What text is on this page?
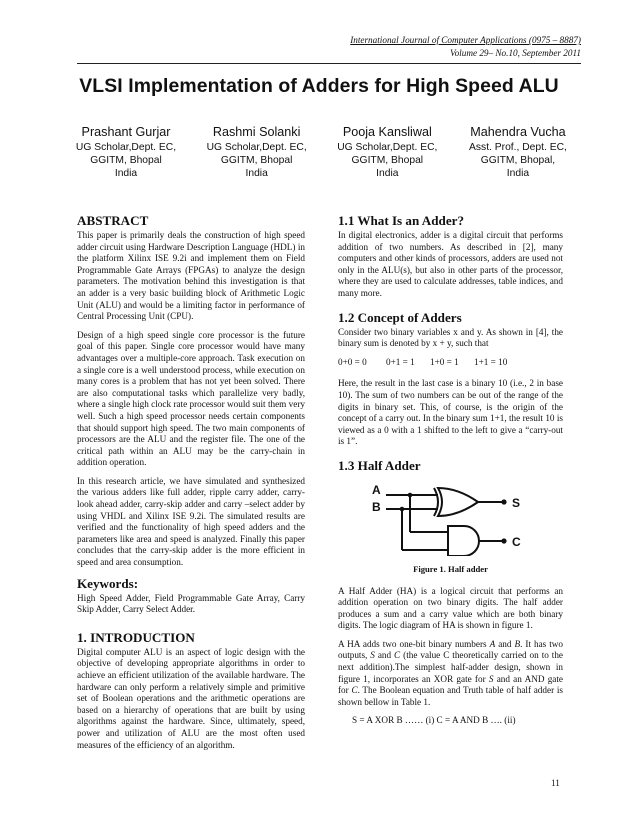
International Journal of Computer Applications (0975 – 8887)
Volume 29– No.10, September 2011
VLSI Implementation of Adders for High Speed ALU
Prashant Gurjar
UG Scholar,Dept. EC,
GGITM, Bhopal
India
Rashmi Solanki
UG Scholar,Dept. EC,
GGITM, Bhopal
India
Pooja Kansliwal
UG Scholar,Dept. EC,
GGITM, Bhopal
India
Mahendra Vucha
Asst. Prof., Dept. EC,
GGITM, Bhopal,
India
ABSTRACT

This paper is primarily deals the construction of high speed adder circuit using Hardware Description Language (HDL) in the platform Xilinx ISE 9.2i and implement them on Field Programmable Gate Arrays (FPGAs) to analyze the design parameters. The motivation behind this investigation is that an adder is a very basic building block of Arithmetic Logic Unit (ALU) and would be a limiting factor in performance of Central Processing Unit (CPU).

Design of a high speed single core processor is the future goal of this paper. Single core processor would have many advantages over a multiple-core approach. Task execution on a single core is a well understood process, while execution on many cores is a problem that has not yet been solved. There are also computational tasks which parallelize very badly, where a single high clock rate processor would suit them very well. Such a high speed processor needs certain components that should support high speed. The two main components of processors are the ALU and the register file. The one of the critical path within an ALU may be the carry-chain in addition operation.

In this research article, we have simulated and synthesized the various adders like full adder, ripple carry adder, carry-look ahead adder, carry-skip adder and carry –select adder by using VHDL and Xilinx ISE 9.2i. The simulated results are verified and the functionality of high speed adders and the parameters like area and speed is analyzed. Finally this paper concludes that the carry-skip adder is the more efficient in speed and area consumption.

Keywords:

High Speed Adder, Field Programmable Gate Array, Carry Skip Adder, Carry Select Adder.

1. INTRODUCTION

Digital computer ALU is an aspect of logic design with the objective of developing appropriate algorithms in order to achieve an efficient utilization of the available hardware. The hardware can only perform a relatively simple and primitive set of Boolean operations and the arithmetic operations are based on a hierarchy of operations that are built by using algorithms against the hardware. Since, ultimately, speed, power and utilization of ALU are the most often used measures of the efficiency of an algorithm.

1.1 What Is an Adder?

In digital electronics, adder is a digital circuit that performs addition of two numbers. As described in [2], many computers and other kinds of processors, adders are used not only in the ALU(s), but also in other parts of the processor, where they are used to calculate addresses, table indices, and many more.

1.2 Concept of Adders

Consider two binary variables x and y. As shown in [4], the binary sum is denoted by x + y, such that

0+0 = 0	0+1 = 1	1+0 = 1	1+1 = 10

Here, the result in the last case is a binary 10 (i.e., 2 in base 10). The sum of two numbers can be out of the range of the digits in binary set. This, of course, is the origin of the concept of a carry out. In the binary sum 1+1, the result 10 is viewed as a 0 with a 1 shifted to the left to give a “carry-out is 1”.

1.3 Half Adder
A
B	S
C
Figure 1. Half adder

A Half Adder (HA) is a logical circuit that performs an addition operation on two binary digits. The half adder produces a sum and a carry value which are both binary digits. The logic diagram of HA is shown in figure 1.

A HA adds two one-bit binary numbers A and B. It has two outputs, S and C (the value C theoretically carried on to the next addition).The simplest half-adder design, shown in figure 1, incorporates an XOR gate for S and an AND gate for C. The Boolean equation and Truth table of half adder is shown bellow in Table 1.

S = A XOR B …… (i) C = A AND B …. (ii)
11
